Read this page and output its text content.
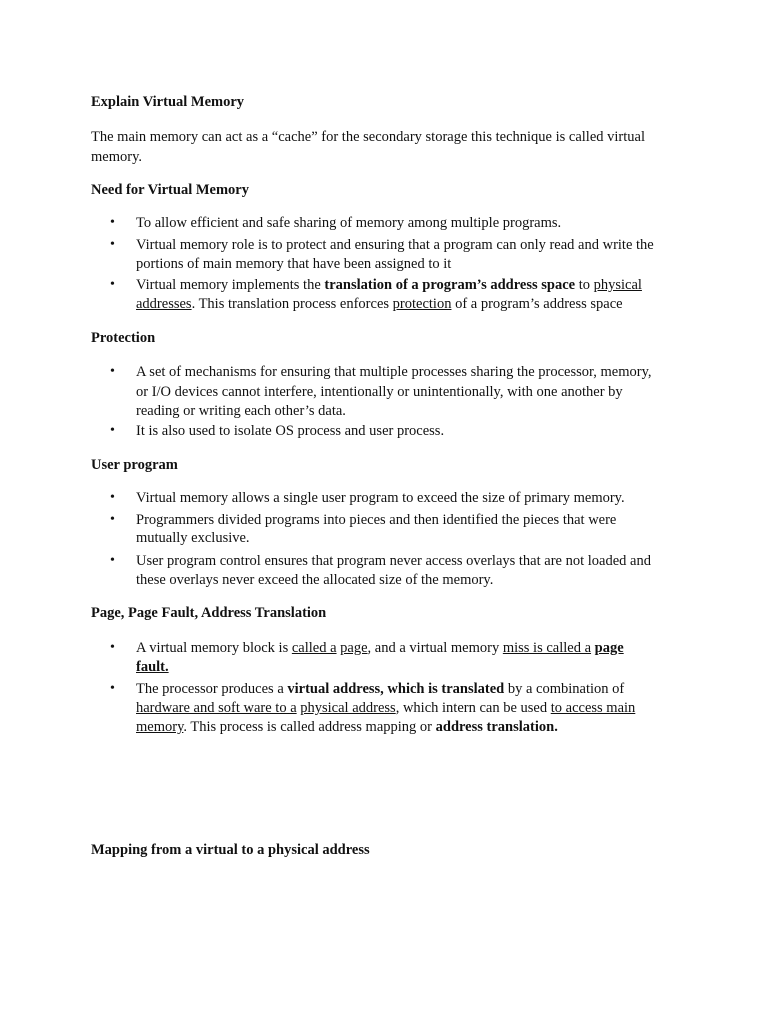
Explain Virtual Memory
The main memory can act as a “cache” for the secondary storage this technique is called virtual
memory.
Need for Virtual Memory
• To allow efficient and safe sharing of memory among multiple programs.
• Virtual memory role is to protect and ensuring that a program can only read and write the
portions of main memory that have been assigned to it
• Virtual memory implements the translation of a program’s address space to physical
addresses. This translation process enforces protection of a program’s address space
Protection
• A set of mechanisms for ensuring that multiple processes sharing the processor, memory,
or I/O devices cannot interfere, intentionally or unintentionally, with one another by
reading or writing each other’s data.
• It is also used to isolate OS process and user process.
User program
• Virtual memory allows a single user program to exceed the size of primary memory.
• Programmers divided programs into pieces and then identified the pieces that were
mutually exclusive.
• User program control ensures that program never access overlays that are not loaded and
these overlays never exceed the allocated size of the memory.
Page, Page Fault, Address Translation
• A virtual memory block is called a page, and a virtual memory miss is called a page
fault.
• The processor produces a virtual address, which is translated by a combination of
hardware and soft ware to a physical address, which intern can be used to access main
memory. This process is called address mapping or address translation.
Mapping from a virtual to a physical address
